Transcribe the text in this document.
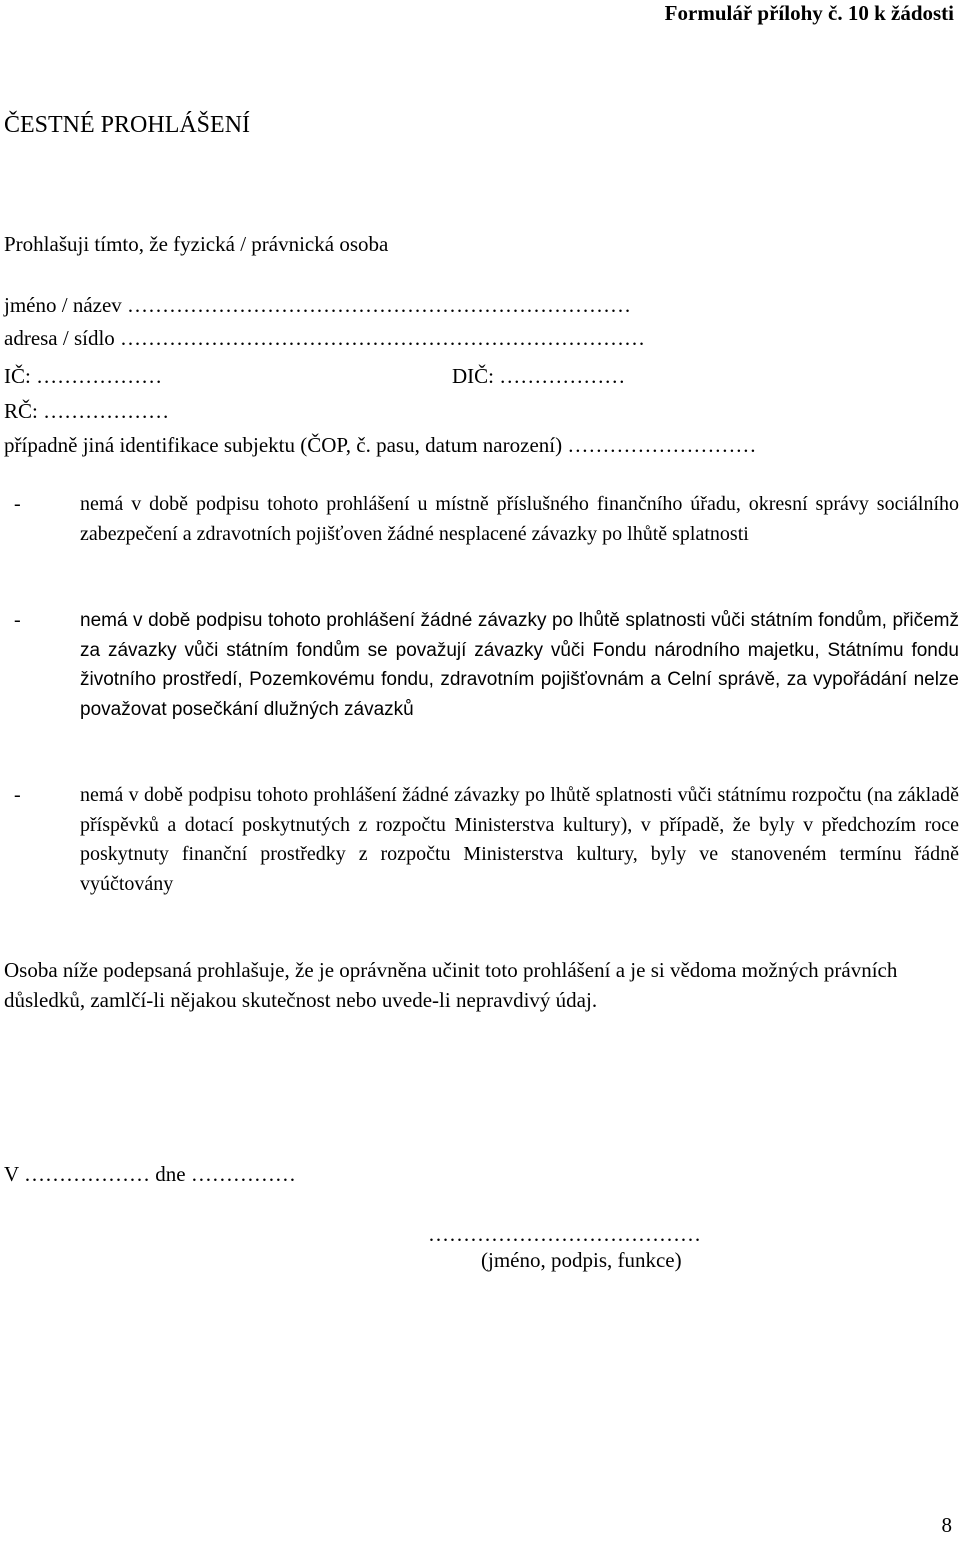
Formulář přílohy č. 10 k žádosti
ČESTNÉ PROHLÁŠENÍ
Prohlašuji tímto, že fyzická / právnická osoba
jméno / název ………………………………………………………………
adresa / sídlo …………………………………………………………………
IČ: ………………	DIČ: ………………
RČ: ………………
případně jiná identifikace subjektu (ČOP, č. pasu, datum narození) ………………………
-	nemá v době podpisu tohoto prohlášení u místně příslušného finančního úřadu, okresní správy sociálního zabezpečení a zdravotních pojišťoven žádné nesplacené závazky po lhůtě splatnosti
-	nemá v době podpisu tohoto prohlášení žádné závazky po lhůtě splatnosti vůči státním fondům, přičemž za závazky vůči státním fondům se považují závazky vůči Fondu národního majetku, Státnímu fondu životního prostředí, Pozemkovému fondu, zdravotním pojišťovnám a Celní správě, za vypořádání nelze považovat posečkání dlužných závazků
-	nemá v době podpisu tohoto prohlášení žádné závazky po lhůtě splatnosti vůči státnímu rozpočtu (na základě příspěvků a dotací poskytnutých z rozpočtu Ministerstva kultury), v případě, že byly v předchozím roce poskytnuty finanční prostředky z rozpočtu Ministerstva kultury, byly ve stanoveném termínu řádně vyúčtovány
Osoba níže podepsaná prohlašuje, že je oprávněna učinit toto prohlášení a je si vědoma možných právních důsledků, zamlčí-li nějakou skutečnost nebo uvede-li nepravdivý údaj.
V ……………… dne ……………
…………………………………
(jméno, podpis, funkce)
8
